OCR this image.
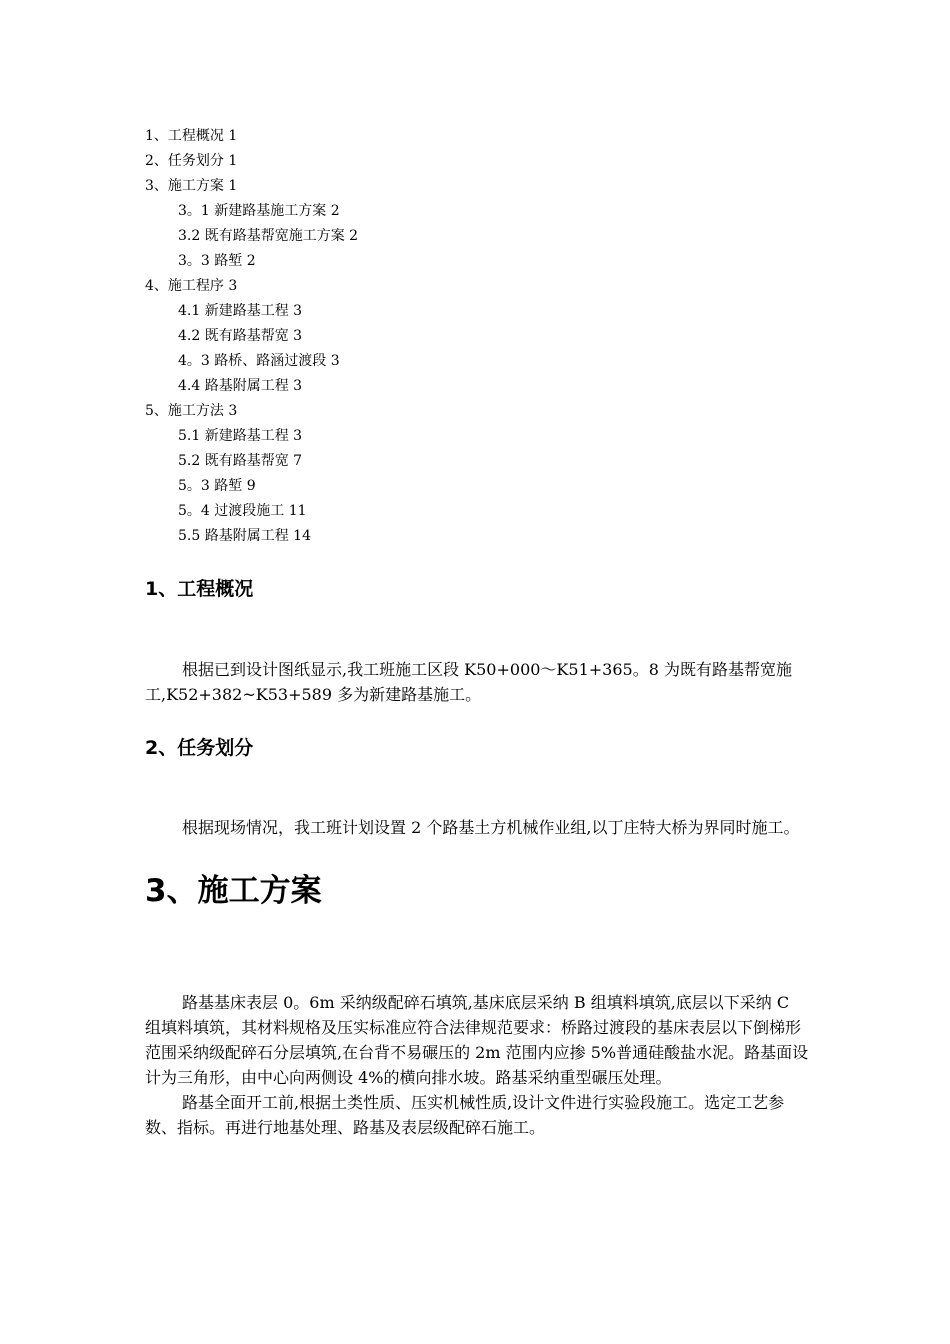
1、工程概况 1
2、任务划分 1
3、施工方案 1
3。1 新建路基施工方案 2
3.2 既有路基帮宽施工方案 2
3。3 路堑 2
4、施工程序 3
4.1 新建路基工程 3
4.2 既有路基帮宽 3
4。3 路桥、路涵过渡段 3
4.4 路基附属工程 3
5、施工方法 3
5.1 新建路基工程 3
5.2 既有路基帮宽 7
5。3 路堑 9
5。4 过渡段施工 11
5.5 路基附属工程 14
1、工程概况

根据已到设计图纸显示,我工班施工区段 K50+000～K51+365。8 为既有路基帮宽施工,K52+382~K53+589 多为新建路基施工。

2、任务划分

根据现场情况，我工班计划设置 2 个路基土方机械作业组,以丁庄特大桥为界同时施工。

3、施工方案

路基基床表层 0。6m 采纳级配碎石填筑,基床底层采纳 B 组填料填筑,底层以下采纳 C 组填料填筑，其材料规格及压实标准应符合法律规范要求：桥路过渡段的基床表层以下倒梯形范围采纳级配碎石分层填筑,在台背不易碾压的 2m 范围内应掺 5%普通硅酸盐水泥。路基面设计为三角形，由中心向两侧设 4%的横向排水坡。路基采纳重型碾压处理。

路基全面开工前,根据土类性质、压实机械性质,设计文件进行实验段施工。选定工艺参数、指标。再进行地基处理、路基及表层级配碎石施工。
